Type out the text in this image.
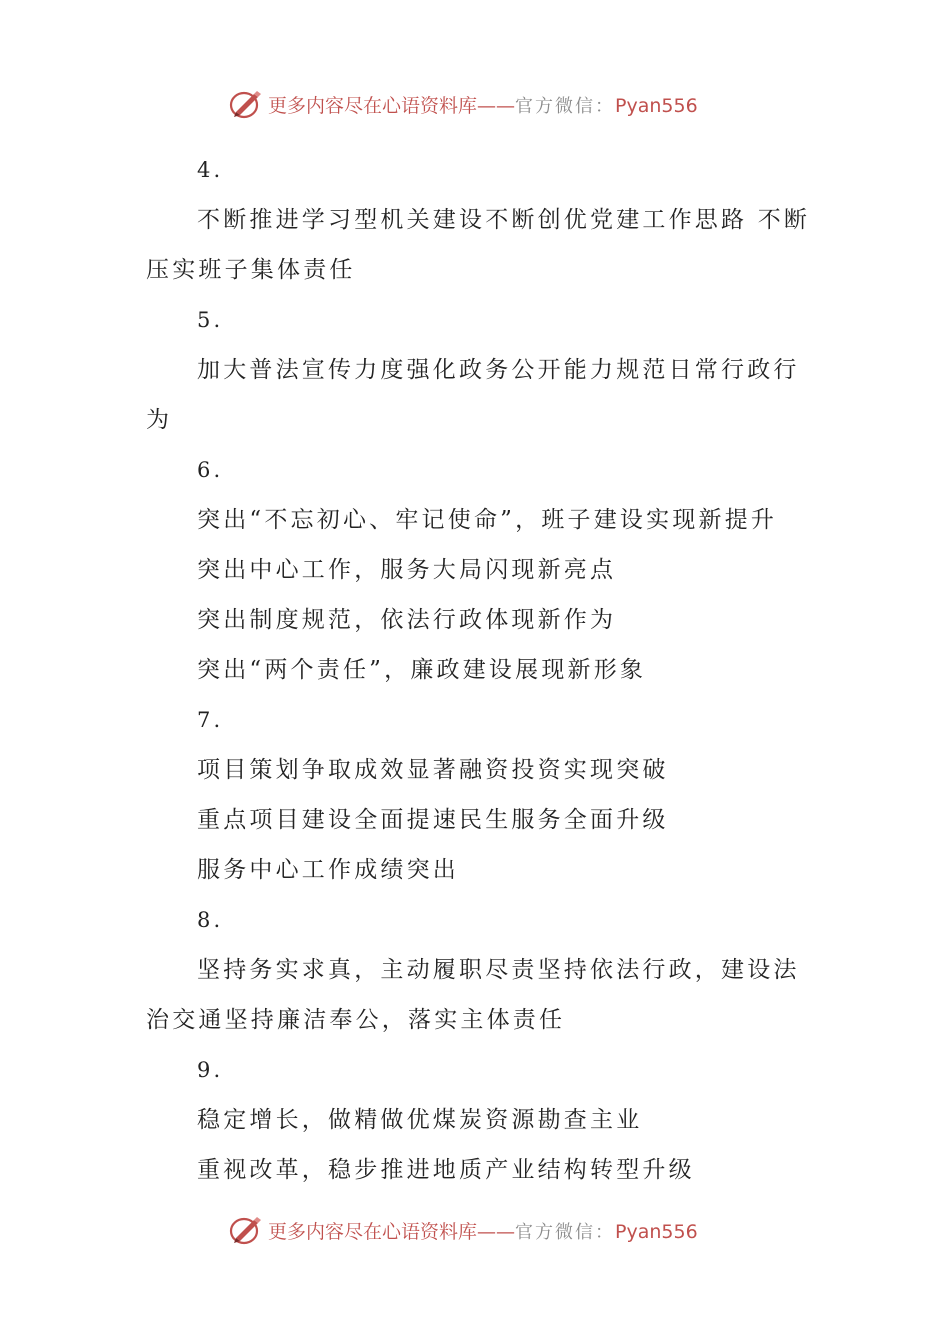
更多内容尽在心语资料库——官方微信：Pyan556
4.
不断推进学习型机关建设不断创优党建工作思路 不断
压实班子集体责任
5.
加大普法宣传力度强化政务公开能力规范日常行政行
为
6.
突出“不忘初心、牢记使命”，班子建设实现新提升
突出中心工作，服务大局闪现新亮点
突出制度规范，依法行政体现新作为
突出“两个责任”，廉政建设展现新形象
7.
项目策划争取成效显著融资投资实现突破
重点项目建设全面提速民生服务全面升级
服务中心工作成绩突出
8.
坚持务实求真，主动履职尽责坚持依法行政，建设法
治交通坚持廉洁奉公，落实主体责任
9.
稳定增长，做精做优煤炭资源勘查主业
重视改革，稳步推进地质产业结构转型升级
更多内容尽在心语资料库——官方微信：Pyan556
